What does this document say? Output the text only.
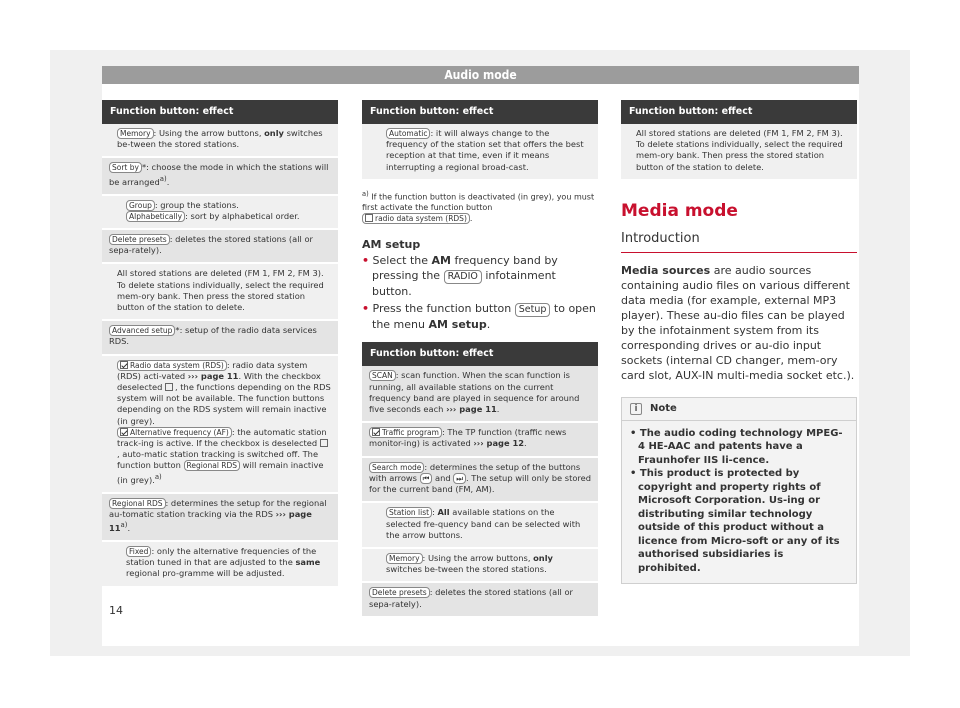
Audio mode
Function button: effect
Memory : Using the arrow buttons, only switches be-tween the stored stations.
Sort by *: choose the mode in which the stations will be arranged$^{a)}$.
Group : group the stations.
Alphabetically : sort by alphabetical order.
Delete presets : deletes the stored stations (all or sepa-rately).
All stored stations are deleted (FM 1, FM 2, FM 3). To delete stations individually, select the required mem-ory bank. Then press the stored station button of the station to delete.
Advanced setup *: setup of the radio data services RDS.
Radio data system (RDS) : radio data system (RDS) acti-vated ››› page 11. With the checkbox deselected , the functions depending on the RDS system will not be available. The function buttons depending on the RDS system will remain inactive (in grey).
Alternative frequency (AF) : the automatic station track-ing is active. If the checkbox is deselected , auto-matic station tracking is switched off. The function button Regional RDS will remain inactive (in grey).$^{a)}$
Regional RDS : determines the setup for the regional au-tomatic station tracking via the RDS ››› page 11$^{a)}$.
Fixed : only the alternative frequencies of the station tuned in that are adjusted to the same regional pro-gramme will be adjusted.
Function button: effect
Automatic : it will always change to the frequency of the station set that offers the best reception at that time, even if it means interrupting a regional broad-cast.
$^{a)}$ If the function button is deactivated (in grey), you must first activate the function button radio data system (RDS) .
AM setup
• Select the AM frequency band by pressing the RADIO infotainment button.
• Press the function button Setup to open the menu AM setup.
Function button: effect
SCAN : scan function. When the scan function is running, all available stations on the current frequency band are played in sequence for around five seconds each ››› page 11.
Traffic program : The TP function (traffic news monitor-ing) is activated ››› page 12.
Search mode : determines the setup of the buttons with arrows ⏮ and ⏭ . The setup will only be stored for the current band (FM, AM).
Station list : All available stations on the selected fre-quency band can be selected with the arrow buttons.
Memory : Using the arrow buttons, only switches be-tween the stored stations.
Delete presets : deletes the stored stations (all or sepa-rately).
Function button: effect
All stored stations are deleted (FM 1, FM 2, FM 3). To delete stations individually, select the required mem-ory bank. Then press the stored station button of the station to delete.
Media mode
Introduction
Media sources are audio sources containing audio files on various different data media (for example, external MP3 player). These au-dio files can be played by the infotainment system from its corresponding drives or au-dio input sockets (internal CD changer, mem-ory card slot, AUX-IN multi-media socket etc.).
i	Note

• The audio coding technology MPEG-4 HE-AAC and patents have a Fraunhofer IIS li-cence.

• This product is protected by copyright and property rights of Microsoft Corporation. Us-ing or distributing similar technology outside of this product without a licence from Micro-soft or any of its authorised subsidiaries is prohibited.

14
